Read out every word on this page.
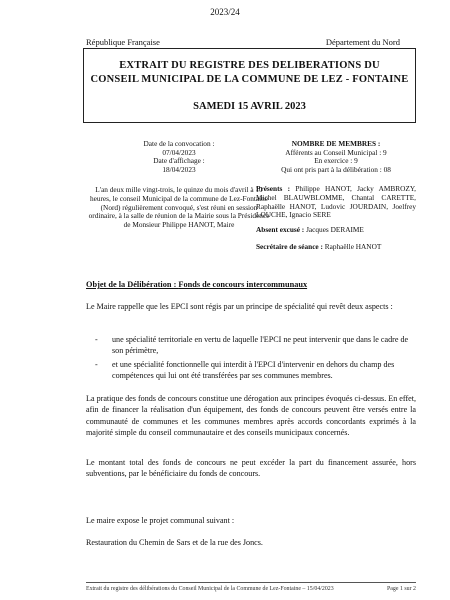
2023/24
République Française	Département du Nord
EXTRAIT DU REGISTRE DES DELIBERATIONS DU
CONSEIL MUNICIPAL DE LA COMMUNE DE LEZ - FONTAINE
SAMEDI 15 AVRIL 2023
Date de la convocation :
07/04/2023
Date d'affichage :
18/04/2023
L'an deux mille vingt-trois, le quinze du mois d'avril à 10 heures, le conseil Municipal de la commune de Lez-Fontaine (Nord) régulièrement convoqué, s'est réuni en session ordinaire, à la salle de réunion de la Mairie sous la Présidence de Monsieur Philippe HANOT, Maire
NOMBRE DE MEMBRES :
Afférents au Conseil Municipal : 9
En exercice : 9
Qui ont pris part à la délibération : 08
Présents : Philippe HANOT, Jacky AMBROZY, Michel BLAUWBLOMME, Chantal CARETTE, Raphaëlle HANOT, Ludovic JOURDAIN, Joelfrey LOUCHE, Ignacio SERE
Absent excusé : Jacques DERAIME
Secrétaire de séance : Raphaëlle HANOT
Objet de la Délibération : Fonds de concours intercommunaux
Le Maire rappelle que les EPCI sont régis par un principe de spécialité qui revêt deux aspects :
-	une spécialité territoriale en vertu de laquelle l'EPCI ne peut intervenir que dans le cadre de son périmètre,
-	et une spécialité fonctionnelle qui interdit à l'EPCI d'intervenir en dehors du champ des compétences qui lui ont été transférées par ses communes membres.
La pratique des fonds de concours constitue une dérogation aux principes évoqués ci-dessus. En effet, afin de financer la réalisation d'un équipement, des fonds de concours peuvent être versés entre la communauté de communes et les communes membres après accords concordants exprimés à la majorité simple du conseil communautaire et des conseils municipaux concernés.
Le montant total des fonds de concours ne peut excéder la part du financement assurée, hors subventions, par le bénéficiaire du fonds de concours.
Le maire expose le projet communal suivant :
Restauration du Chemin de Sars et de la rue des Joncs.
Extrait du registre des délibérations du Conseil Municipal de la Commune de Lez-Fontaine – 15/04/2023	Page 1 sur 2
